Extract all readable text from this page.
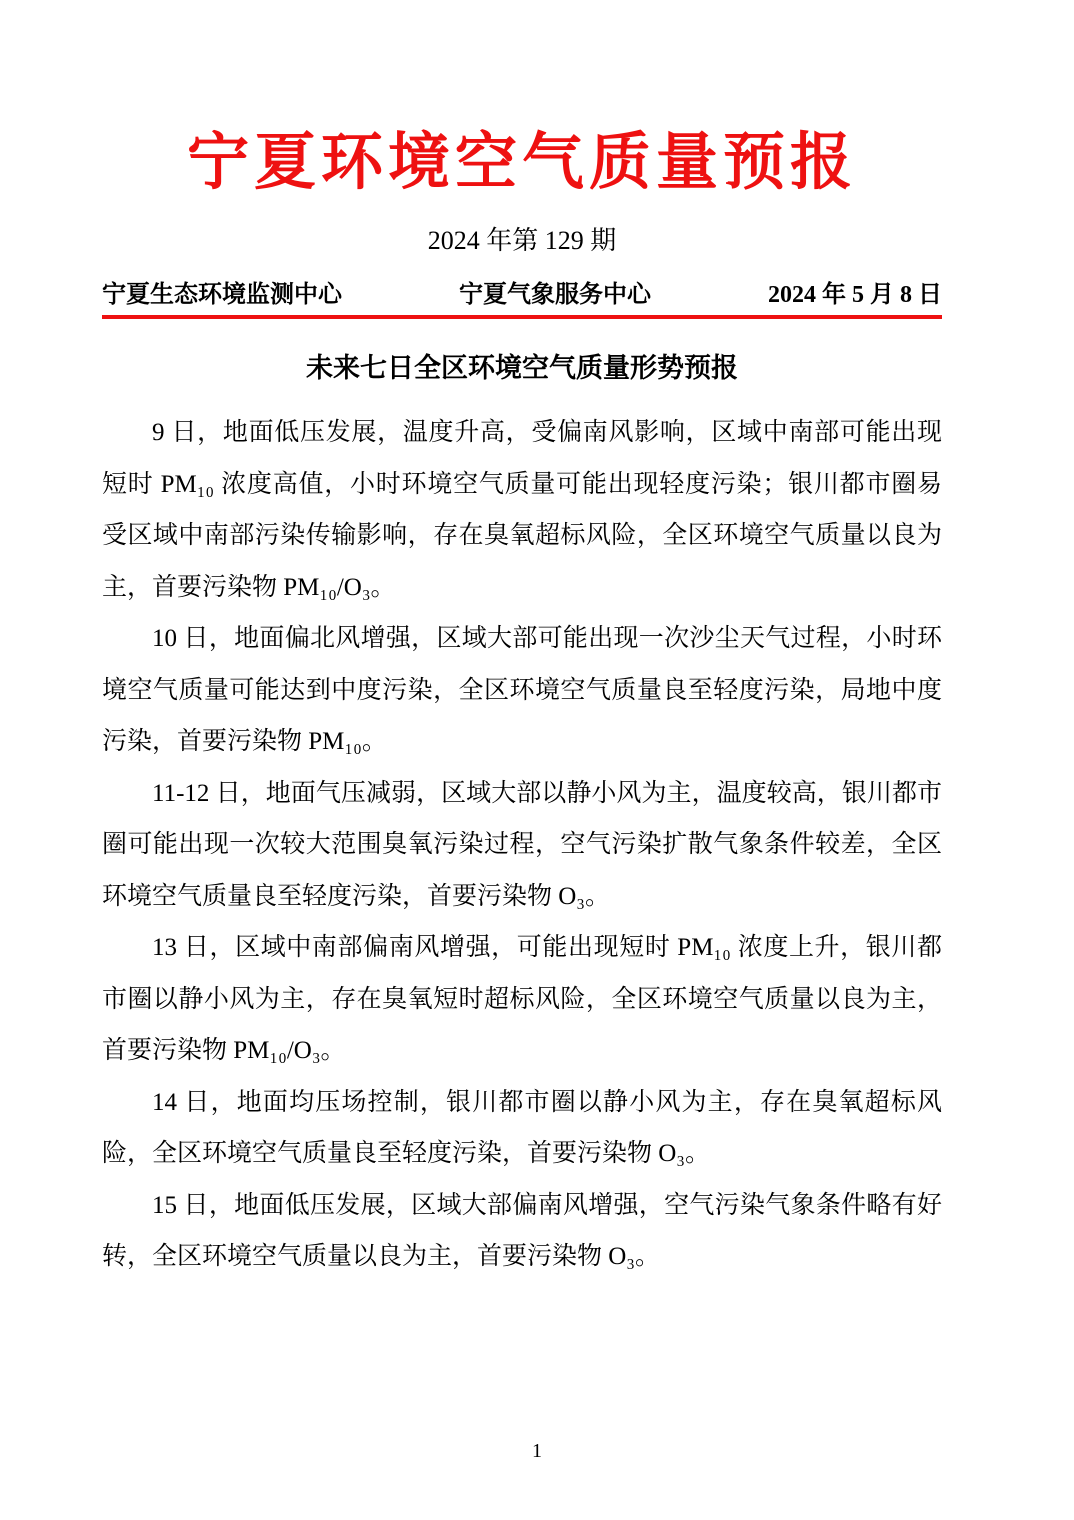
宁夏环境空气质量预报
2024 年第 129 期
宁夏生态环境监测中心	宁夏气象服务中心	2024 年 5 月 8 日
未来七日全区环境空气质量形势预报

9 日，地面低压发展，温度升高，受偏南风影响，区域中南部可能出现短时 PM₁₀ 浓度高值，小时环境空气质量可能出现轻度污染；银川都市圈易受区域中南部污染传输影响，存在臭氧超标风险，全区环境空气质量以良为主，首要污染物 PM₁₀/O₃。

10 日，地面偏北风增强，区域大部可能出现一次沙尘天气过程，小时环境空气质量可能达到中度污染，全区环境空气质量良至轻度污染，局地中度污染，首要污染物 PM₁₀。

11-12 日，地面气压减弱，区域大部以静小风为主，温度较高，银川都市圈可能出现一次较大范围臭氧污染过程，空气污染扩散气象条件较差，全区环境空气质量良至轻度污染，首要污染物 O₃。

13 日，区域中南部偏南风增强，可能出现短时 PM₁₀ 浓度上升，银川都市圈以静小风为主，存在臭氧短时超标风险，全区环境空气质量以良为主，首要污染物 PM₁₀/O₃。

14 日，地面均压场控制，银川都市圈以静小风为主，存在臭氧超标风险，全区环境空气质量良至轻度污染，首要污染物 O₃。

15 日，地面低压发展，区域大部偏南风增强，空气污染气象条件略有好转，全区环境空气质量以良为主，首要污染物 O₃。

1
